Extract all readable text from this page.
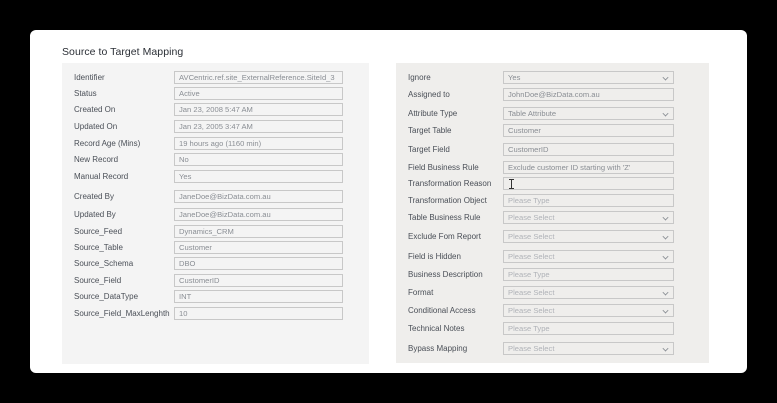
Source to Target Mapping
Identifier	AVCentric.ref.site_ExternalReference.SiteId_3
Status	Active
Created On	Jan 23, 2008 5:47 AM
Updated On	Jan 23, 2005 3:47 AM
Record Age (Mins)	19 hours ago (1160 min)
New Record	No
Manual Record	Yes
Created By	JaneDoe@BizData.com.au
Updated By	JaneDoe@BizData.com.au
Source_Feed	Dynamics_CRM
Source_Table	Customer
Source_Schema	DBO
Source_Field	CustomerID
Source_DataType	INT
Source_Field_MaxLenghth	10
Ignore	Yes
Assigned to	JohnDoe@BizData.com.au
Attribute Type	Table Attribute
Target Table	Customer
Target Field	CustomerID
Field Business Rule	Exclude customer ID starting with 'Z'
Transformation Reason
Transformation Object	Please Type
Table Business Rule	Please Select
Exclude Fom Report	Please Select
Field is Hidden	Please Select
Business Description	Please Type
Format	Please Select
Conditional Access	Please Select
Technical Notes	Please Type
Bypass Mapping	Please Select
